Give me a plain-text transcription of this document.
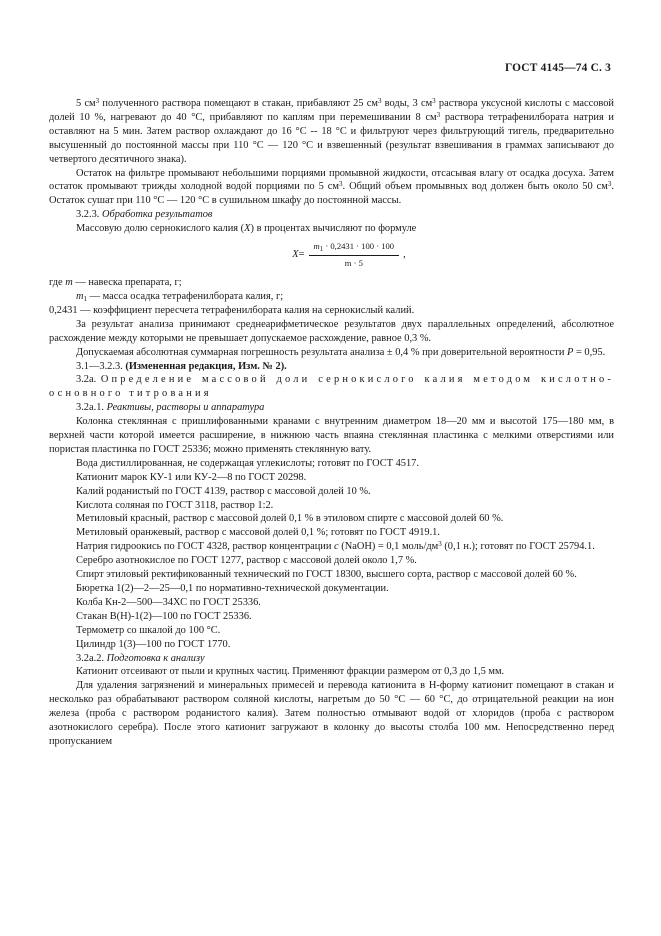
ГОСТ 4145—74 С. 3

5 $см^3$ полученного раствора помещают в стакан, прибавляют 25 $см^3$ воды, 3 $см^3$ раствора уксусной кислоты с массовой долей 10 %, нагревают до 40 °С, прибавляют по каплям при перемешивании 8 $см^3$ раствора тетрафенилбората натрия и оставляют на 5 мин. Затем раствор охлаждают до 16 °С -- 18 °С и фильтруют через фильтрующий тигель, предварительно высушенный до постоянной массы при 110 °С — 120 °С и взвешенный (результат взвешивания в граммах записывают до четвертого десятичного знака).

Остаток на фильтре промывают небольшими порциями промывной жидкости, отсасывая влагу от осадка досуха. Затем остаток промывают трижды холодной водой порциями по 5 $см^3$. Общий объем промывных вод должен быть около 50 $см^3$. Остаток сушат при 110 °С — 120 °С в сушильном шкафу до постоянной массы.

3.2.3. Обработка результатов

Массовую долю сернокислого калия (X) в процентах вычисляют по формуле

$X = \frac{m_1 \cdot 0,2431 \cdot 100 \cdot 100}{m \cdot 5}$ ,

где m — навеска препарата, г;

$m_1$ — масса осадка тетрафенилбората калия, г;

0,2431 — коэффициент пересчета тетрафенилбората калия на сернокислый калий.

За результат анализа принимают среднеарифметическое результатов двух параллельных определений, абсолютное расхождение между которыми не превышает допускаемое расхождение, равное 0,3 %.

Допускаемая абсолютная суммарная погрешность результата анализа ± 0,4 % при доверительной вероятности P = 0,95.

3.1—3.2.3. (Измененная редакция, Изм. № 2).

3.2а. Определение массовой доли сернокислого калия методом кислотно-основного титрования

3.2а.1. Реактивы, растворы и аппаратура

Колонка стеклянная с пришлифованными кранами с внутренним диаметром 18—20 мм и высотой 175—180 мм, в верхней части которой имеется расширение, в нижнюю часть впаяна стеклянная пластинка с мелкими отверстиями или пористая пластинка по ГОСТ 25336; можно применять стеклянную вату.

Вода дистиллированная, не содержащая углекислоты; готовят по ГОСТ 4517.

Катионит марок КУ-1 или КУ-2—8 по ГОСТ 20298.

Калий роданистый по ГОСТ 4139, раствор с массовой долей 10 %.

Кислота соляная по ГОСТ 3118, раствор 1:2.

Метиловый красный, раствор с массовой долей 0,1 % в этиловом спирте с массовой долей 60 %.

Метиловый оранжевый, раствор с массовой долей 0,1 %; готовят по ГОСТ 4919.1.

Натрия гидроокись по ГОСТ 4328, раствор концентрации c (NaOH) = 0,1 моль/$дм^3$ (0,1 н.); готовят по ГОСТ 25794.1.

Серебро азотнокислое по ГОСТ 1277, раствор с массовой долей около 1,7 %.

Спирт этиловый ректификованный технический по ГОСТ 18300, высшего сорта, раствор с массовой долей 60 %.

Бюретка 1(2)—2—25—0,1 по нормативно-технической документации.

Колба Кн-2—500—34ХС по ГОСТ 25336.

Стакан В(Н)-1(2)—100 по ГОСТ 25336.

Термометр со шкалой до 100 °С.

Цилиндр 1(3)—100 по ГОСТ 1770.

3.2а.2. Подготовка к анализу

Катионит отсеивают от пыли и крупных частиц. Применяют фракции размером от 0,3 до 1,5 мм.

Для удаления загрязнений и минеральных примесей и перевода катионита в Н-форму катионит помещают в стакан и несколько раз обрабатывают раствором соляной кислоты, нагретым до 50 °С — 60 °С, до отрицательной реакции на ион железа (проба с раствором роданистого калия). Затем полностью отмывают водой от хлоридов (проба с раствором азотнокислого серебра). После этого катионит загружают в колонку до высоты столба 100 мм. Непосредственно перед пропусканием
